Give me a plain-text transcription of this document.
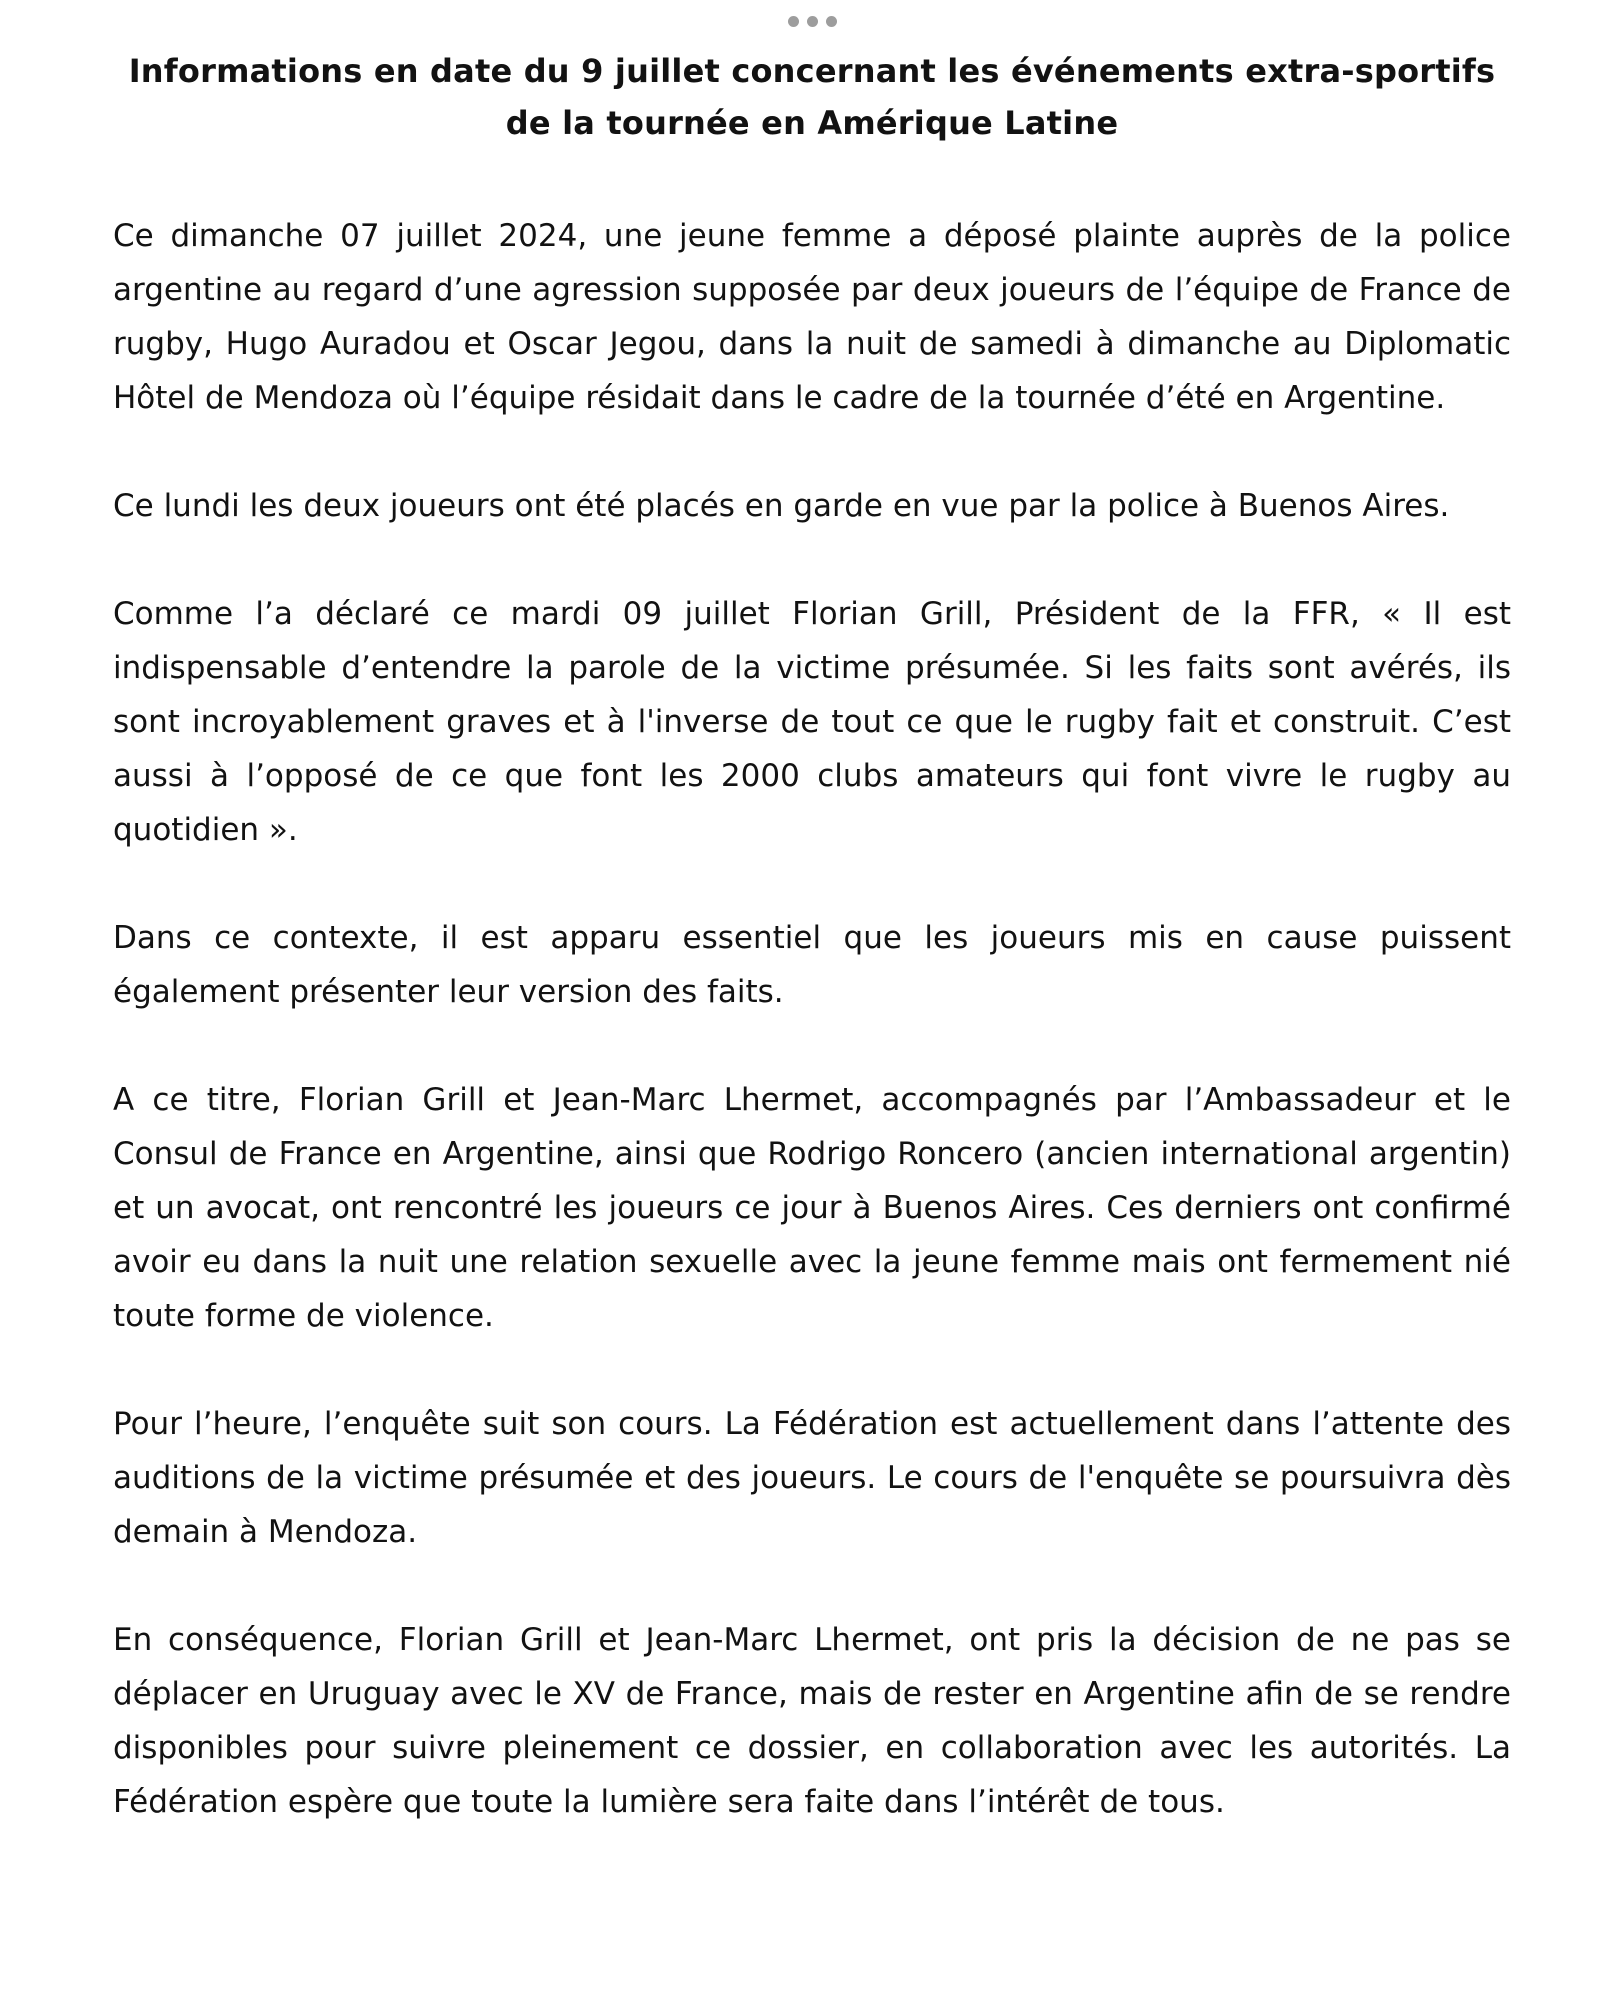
Informations en date du 9 juillet concernant les événements extra-sportifs
de la tournée en Amérique Latine

Ce dimanche 07 juillet 2024, une jeune femme a déposé plainte auprès de la police argentine au regard d’une agression supposée par deux joueurs de l’équipe de France de rugby, Hugo Auradou et Oscar Jegou, dans la nuit de samedi à dimanche au Diplomatic Hôtel de Mendoza où l’équipe résidait dans le cadre de la tournée d’été en Argentine.

Ce lundi les deux joueurs ont été placés en garde en vue par la police à Buenos Aires.

Comme l’a déclaré ce mardi 09 juillet Florian Grill, Président de la FFR, « Il est indispensable d’entendre la parole de la victime présumée. Si les faits sont avérés, ils sont incroyablement graves et à l'inverse de tout ce que le rugby fait et construit. C’est aussi à l’opposé de ce que font les 2000 clubs amateurs qui font vivre le rugby au quotidien ».

Dans ce contexte, il est apparu essentiel que les joueurs mis en cause puissent également présenter leur version des faits.

A ce titre, Florian Grill et Jean-Marc Lhermet, accompagnés par l’Ambassadeur et le Consul de France en Argentine, ainsi que Rodrigo Roncero (ancien international argentin) et un avocat, ont rencontré les joueurs ce jour à Buenos Aires. Ces derniers ont confirmé avoir eu dans la nuit une relation sexuelle avec la jeune femme mais ont fermement nié toute forme de violence.

Pour l’heure, l’enquête suit son cours. La Fédération est actuellement dans l’attente des auditions de la victime présumée et des joueurs. Le cours de l'enquête se poursuivra dès demain à Mendoza.

En conséquence, Florian Grill et Jean-Marc Lhermet, ont pris la décision de ne pas se déplacer en Uruguay avec le XV de France, mais de rester en Argentine afin de se rendre disponibles pour suivre pleinement ce dossier, en collaboration avec les autorités. La Fédération espère que toute la lumière sera faite dans l’intérêt de tous.
